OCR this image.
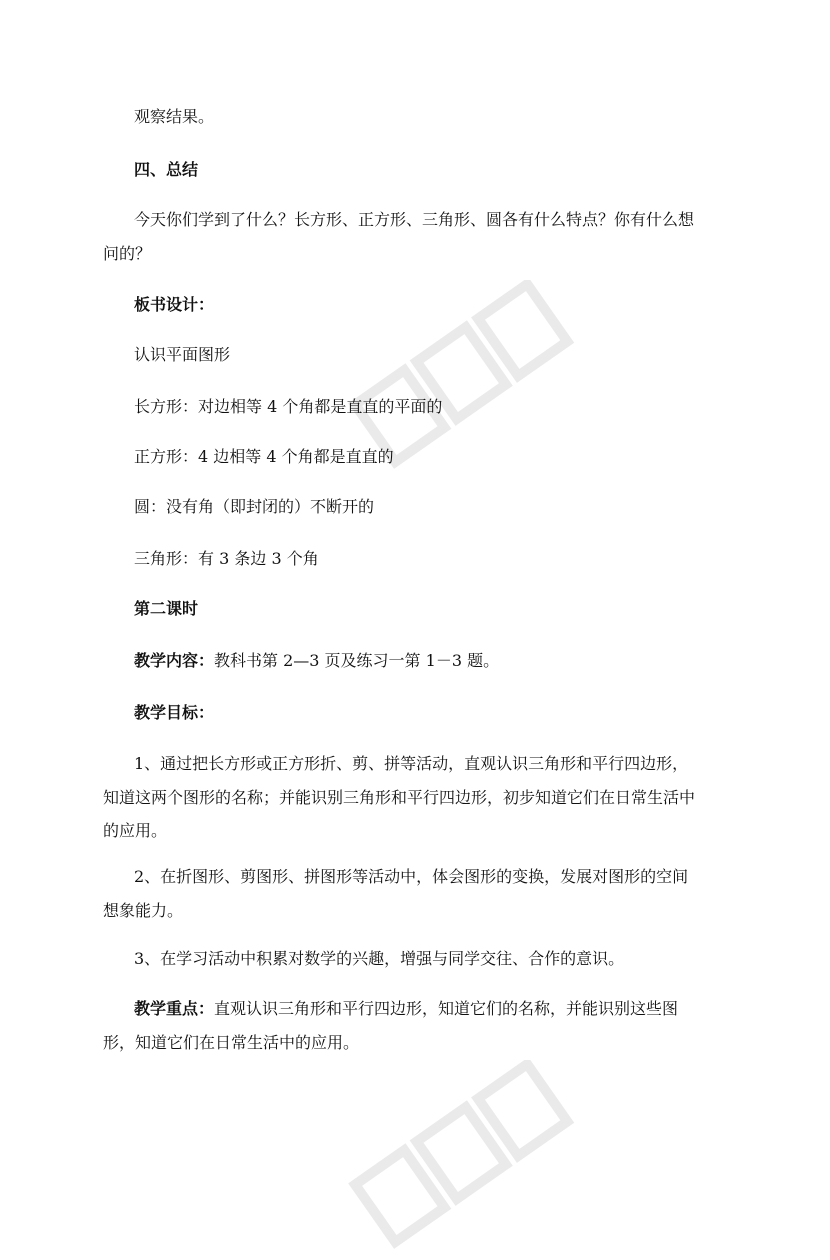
观察结果。
四、总结
今天你们学到了什么？长方形、正方形、三角形、圆各有什么特点？你有什么想
问的？
板书设计：
认识平面图形
长方形：对边相等 4 个角都是直直的平面的
正方形：4 边相等 4 个角都是直直的
圆：没有角（即封闭的）不断开的
三角形：有 3 条边 3 个角
第二课时
教学内容：教科书第 2—3 页及练习一第 1－3 题。
教学目标：
1、通过把长方形或正方形折、剪、拼等活动，直观认识三角形和平行四边形，
知道这两个图形的名称；并能识别三角形和平行四边形，初步知道它们在日常生活中
的应用。
2、在折图形、剪图形、拼图形等活动中，体会图形的变换，发展对图形的空间
想象能力。
3、在学习活动中积累对数学的兴趣，增强与同学交往、合作的意识。
教学重点：直观认识三角形和平行四边形，知道它们的名称，并能识别这些图
形，知道它们在日常生活中的应用。
